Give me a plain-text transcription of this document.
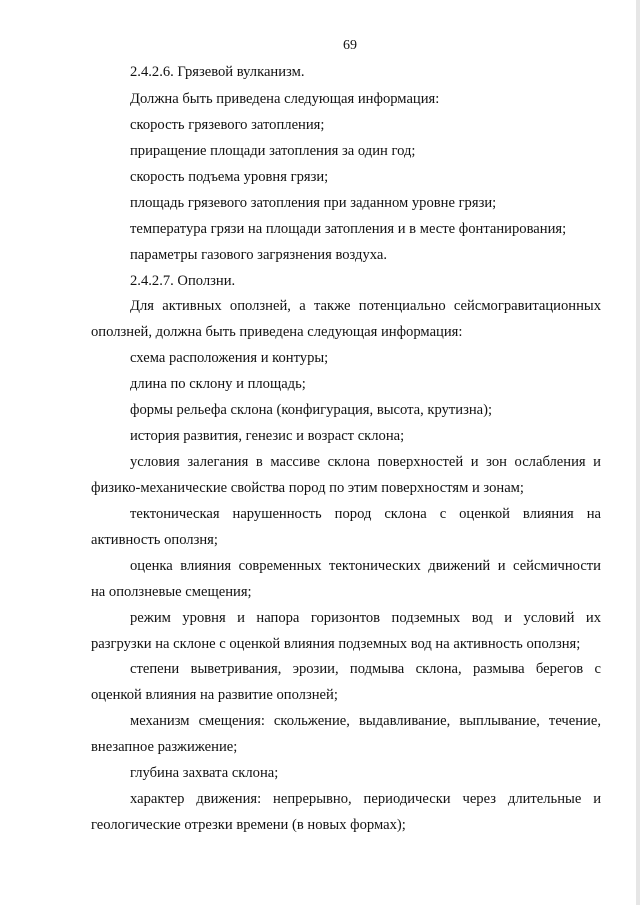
69
2.4.2.6. Грязевой вулканизм.
Должна быть приведена следующая информация:
скорость грязевого затопления;
приращение площади затопления за один год;
скорость подъема уровня грязи;
площадь грязевого затопления при заданном уровне грязи;
температура грязи на площади затопления и в месте фонтанирования;
параметры газового загрязнения воздуха.
2.4.2.7. Оползни.
Для активных оползней, а также потенциально сейсмогравитационных
оползней, должна быть приведена следующая информация:
схема расположения и контуры;
длина по склону и площадь;
формы рельефа склона (конфигурация, высота, крутизна);
история развития, генезис и возраст склона;
условия залегания в массиве склона поверхностей и зон ослабления и
физико-механические свойства пород по этим поверхностям и зонам;
тектоническая нарушенность пород склона с оценкой влияния на
активность оползня;
оценка влияния современных тектонических движений и сейсмичности
на оползневые смещения;
режим уровня и напора горизонтов подземных вод и условий их
разгрузки на склоне с оценкой влияния подземных вод на активность оползня;
степени выветривания, эрозии, подмыва склона, размыва берегов с
оценкой влияния на развитие оползней;
механизм смещения: скольжение, выдавливание, выплывание, течение,
внезапное разжижение;
глубина захвата склона;
характер движения: непрерывно, периодически через длительные и
геологические отрезки времени (в новых формах);
